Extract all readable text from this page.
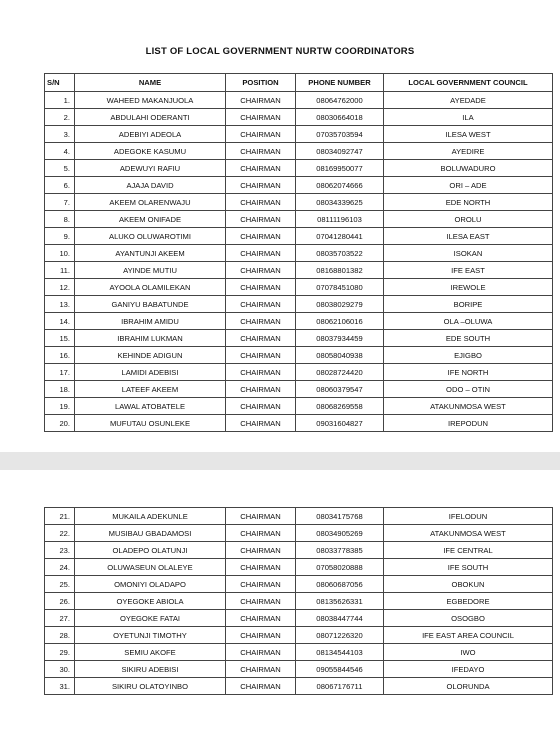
LIST OF LOCAL GOVERNMENT NURTW COORDINATORS
S/N	NAME	POSITION	PHONE NUMBER	LOCAL GOVERNMENT COUNCIL
1.	WAHEED MAKANJUOLA	CHAIRMAN	08064762000	AYEDADE
2.	ABDULAHI ODERANTI	CHAIRMAN	08030664018	ILA
3.	ADEBIYI ADEOLA	CHAIRMAN	07035703594	ILESA WEST
4.	ADEGOKE KASUMU	CHAIRMAN	08034092747	AYEDIRE
5.	ADEWUYI RAFIU	CHAIRMAN	08169950077	BOLUWADURO
6.	AJAJA DAVID	CHAIRMAN	08062074666	ORI – ADE
7.	AKEEM OLARENWAJU	CHAIRMAN	08034339625	EDE NORTH
8.	AKEEM ONIFADE	CHAIRMAN	08111196103	OROLU
9.	ALUKO OLUWAROTIMI	CHAIRMAN	07041280441	ILESA EAST
10.	AYANTUNJI AKEEM	CHAIRMAN	08035703522	ISOKAN
11.	AYINDE MUTIU	CHAIRMAN	08168801382	IFE EAST
12.	AYOOLA OLAMILEKAN	CHAIRMAN	07078451080	IREWOLE
13.	GANIYU BABATUNDE	CHAIRMAN	08038029279	BORIPE
14.	IBRAHIM AMIDU	CHAIRMAN	08062106016	OLA –OLUWA
15.	IBRAHIM LUKMAN	CHAIRMAN	08037934459	EDE SOUTH
16.	KEHINDE ADIGUN	CHAIRMAN	08058040938	EJIGBO
17.	LAMIDI ADEBISI	CHAIRMAN	08028724420	IFE NORTH
18.	LATEEF AKEEM	CHAIRMAN	08060379547	ODO – OTIN
19.	LAWAL ATOBATELE	CHAIRMAN	08068269558	ATAKUNMOSA WEST
20.	MUFUTAU OSUNLEKE	CHAIRMAN	09031604827	IREPODUN
21.	MUKAILA ADEKUNLE	CHAIRMAN	08034175768	IFELODUN
22.	MUSIBAU GBADAMOSI	CHAIRMAN	08034905269	ATAKUNMOSA WEST
23.	OLADEPO OLATUNJI	CHAIRMAN	08033778385	IFE CENTRAL
24.	OLUWASEUN OLALEYE	CHAIRMAN	07058020888	IFE SOUTH
25.	OMONIYI OLADAPO	CHAIRMAN	08060687056	OBOKUN
26.	OYEGOKE ABIOLA	CHAIRMAN	08135626331	EGBEDORE
27.	OYEGOKE FATAI	CHAIRMAN	08038447744	OSOGBO
28.	OYETUNJI TIMOTHY	CHAIRMAN	08071226320	IFE EAST AREA COUNCIL
29.	SEMIU AKOFE	CHAIRMAN	08134544103	IWO
30.	SIKIRU ADEBISI	CHAIRMAN	09055844546	IFEDAYO
31.	SIKIRU OLATOYINBO	CHAIRMAN	08067176711	OLORUNDA
